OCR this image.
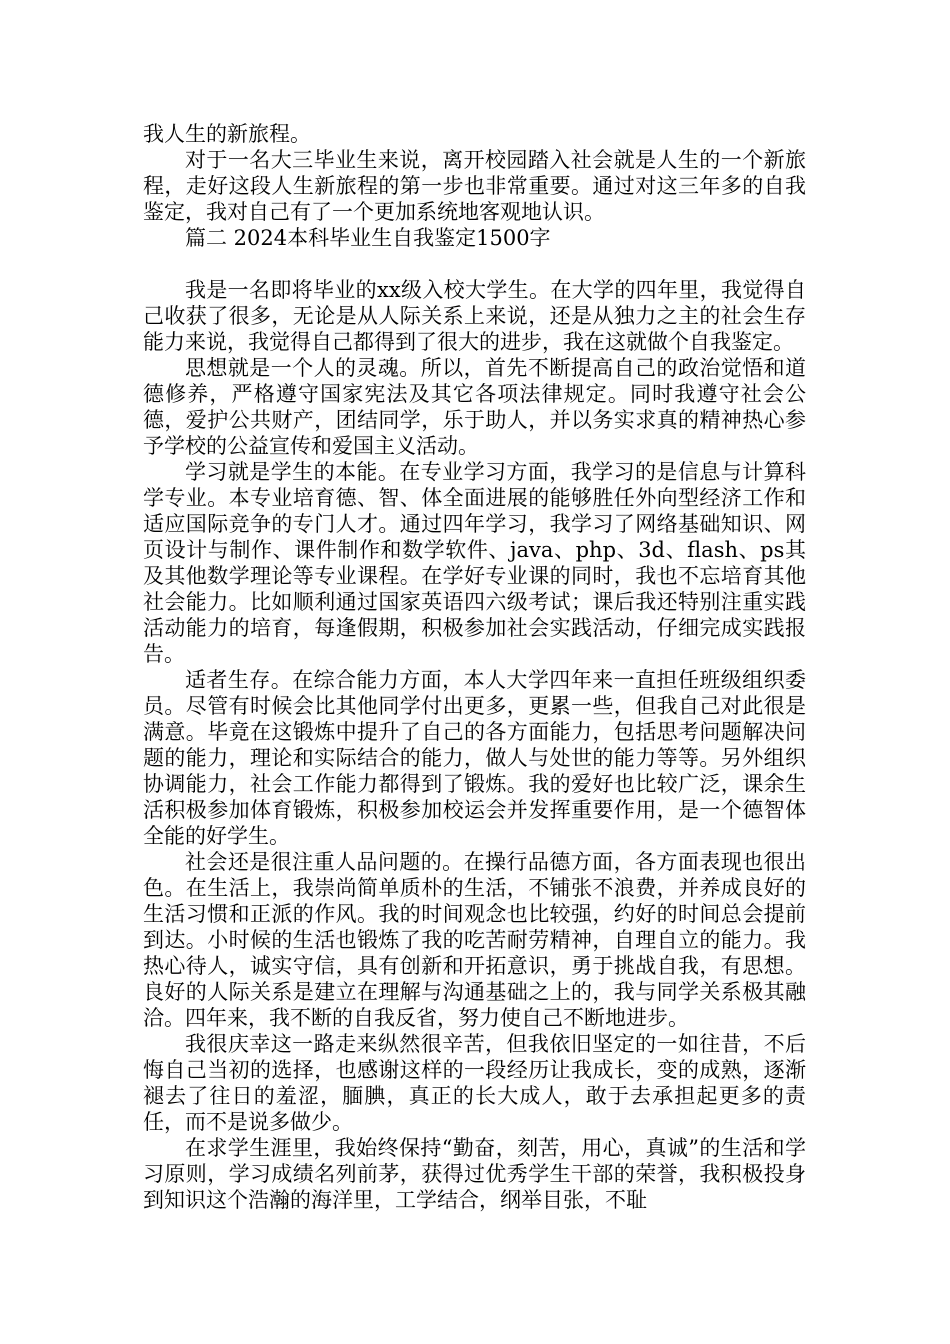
我人生的新旅程。

对于一名大三毕业生来说，离开校园踏入社会就是人生的一个新旅程，走好这段人生新旅程的第一步也非常重要。通过对这三年多的自我鉴定，我对自己有了一个更加系统地客观地认识。

篇二 2024本科毕业生自我鉴定1500字

我是一名即将毕业的xx级入校大学生。在大学的四年里，我觉得自己收获了很多，无论是从人际关系上来说，还是从独力之主的社会生存能力来说，我觉得自己都得到了很大的进步，我在这就做个自我鉴定。

思想就是一个人的灵魂。所以，首先不断提高自己的政治觉悟和道德修养，严格遵守国家宪法及其它各项法律规定。同时我遵守社会公德，爱护公共财产，团结同学，乐于助人，并以务实求真的精神热心参予学校的公益宣传和爱国主义活动。

学习就是学生的本能。在专业学习方面，我学习的是信息与计算科学专业。本专业培育德、智、体全面进展的能够胜任外向型经济工作和适应国际竞争的专门人才。通过四年学习，我学习了网络基础知识、网页设计与制作、课件制作和数学软件、java、php、3d、flash、ps其及其他数学理论等专业课程。在学好专业课的同时，我也不忘培育其他社会能力。比如顺利通过国家英语四六级考试；课后我还特别注重实践活动能力的培育，每逢假期，积极参加社会实践活动，仔细完成实践报告。

适者生存。在综合能力方面，本人大学四年来一直担任班级组织委员。尽管有时候会比其他同学付出更多，更累一些，但我自己对此很是满意。毕竟在这锻炼中提升了自己的各方面能力，包括思考问题解决问题的能力，理论和实际结合的能力，做人与处世的能力等等。另外组织协调能力，社会工作能力都得到了锻炼。我的爱好也比较广泛，课余生活积极参加体育锻炼，积极参加校运会并发挥重要作用，是一个德智体全能的好学生。

社会还是很注重人品问题的。在操行品德方面，各方面表现也很出色。在生活上，我崇尚简单质朴的生活，不铺张不浪费，并养成良好的生活习惯和正派的作风。我的时间观念也比较强，约好的时间总会提前到达。小时候的生活也锻炼了我的吃苦耐劳精神，自理自立的能力。我热心待人，诚实守信，具有创新和开拓意识，勇于挑战自我，有思想。良好的人际关系是建立在理解与沟通基础之上的，我与同学关系极其融洽。四年来，我不断的自我反省，努力使自己不断地进步。

我很庆幸这一路走来纵然很辛苦，但我依旧坚定的一如往昔，不后悔自己当初的选择，也感谢这样的一段经历让我成长，变的成熟，逐渐褪去了往日的羞涩，腼腆，真正的长大成人，敢于去承担起更多的责任，而不是说多做少。

在求学生涯里，我始终保持“勤奋，刻苦，用心，真诚”的生活和学习原则，学习成绩名列前茅，获得过优秀学生干部的荣誉，我积极投身到知识这个浩瀚的海洋里，工学结合，纲举目张，不耻
